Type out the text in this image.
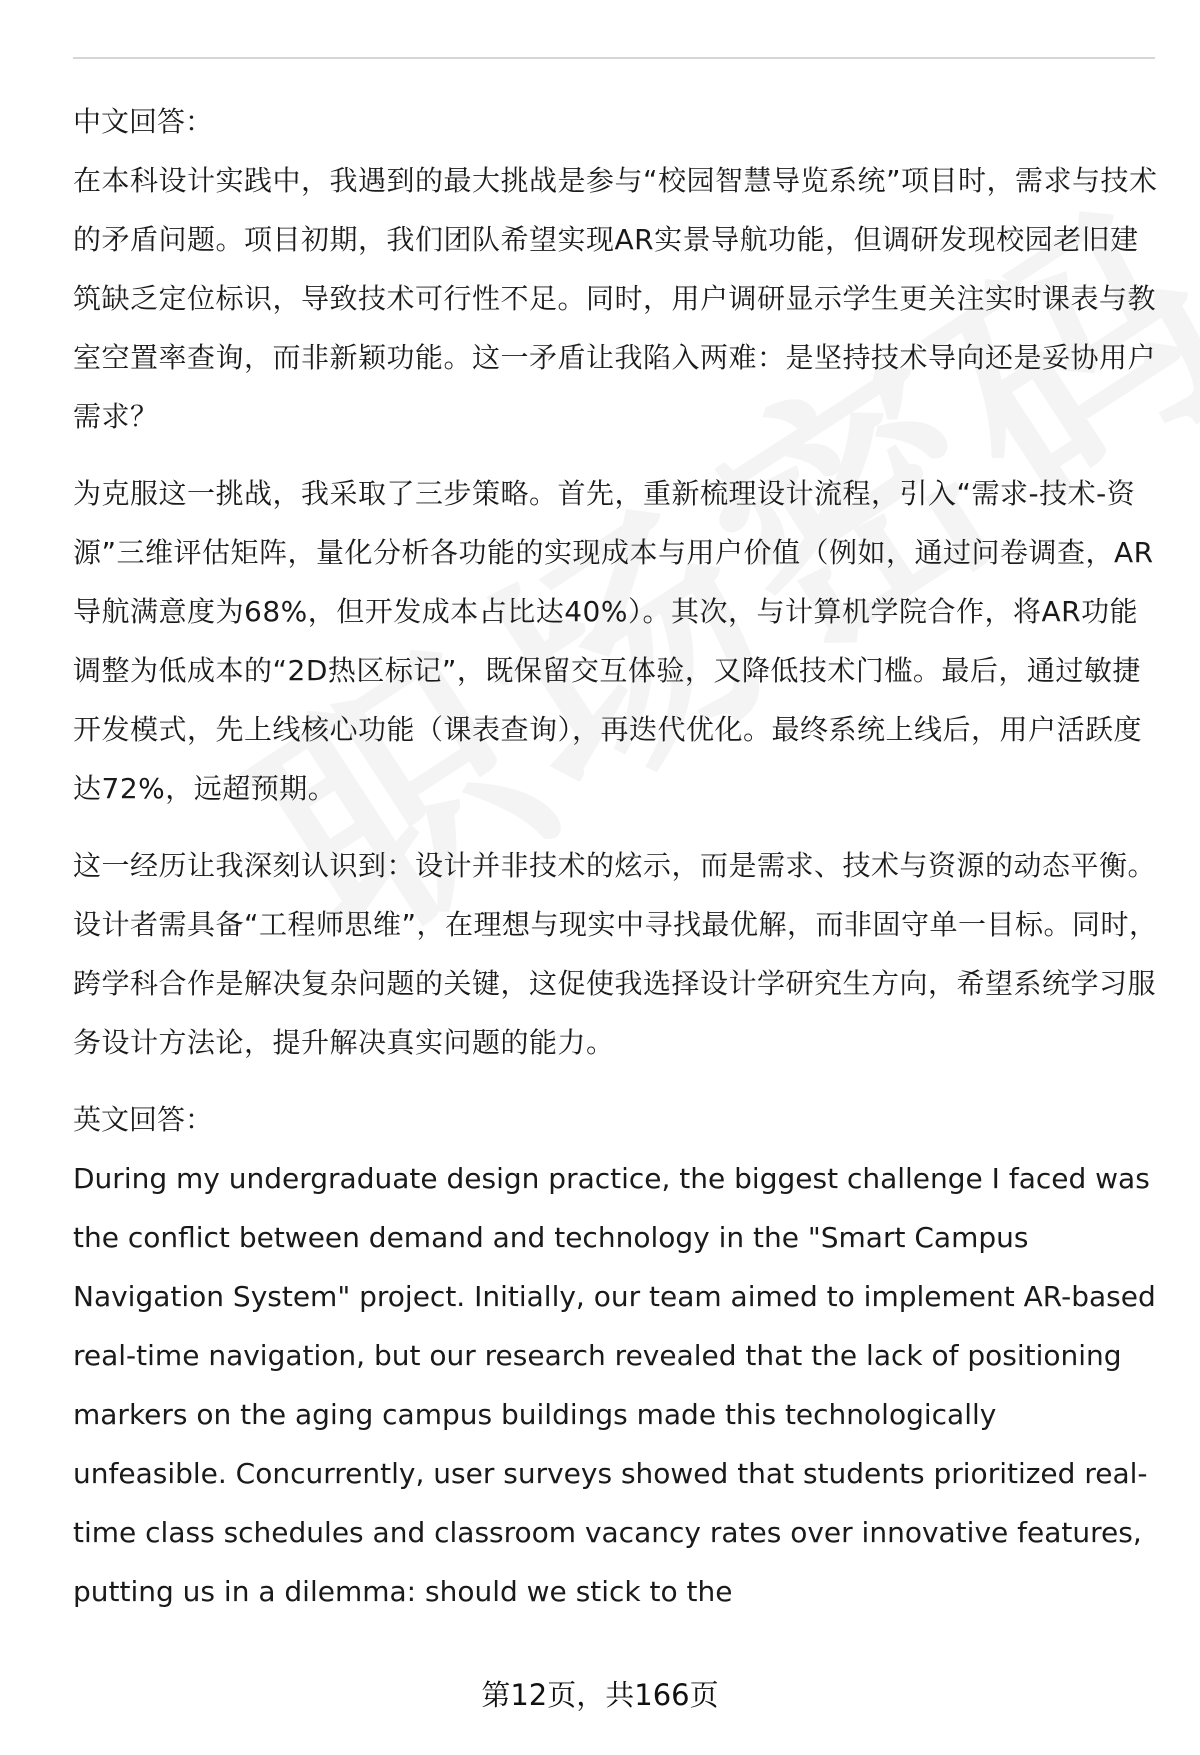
中文回答：

在本科设计实践中，我遇到的最大挑战是参与“校园智慧导览系统”项目时，需求与技术的矛盾问题。项目初期，我们团队希望实现AR实景导航功能，但调研发现校园老旧建筑缺乏定位标识，导致技术可行性不足。同时，用户调研显示学生更关注实时课表与教室空置率查询，而非新颖功能。这一矛盾让我陷入两难：是坚持技术导向还是妥协用户需求？

为克服这一挑战，我采取了三步策略。首先，重新梳理设计流程，引入“需求-技术-资源”三维评估矩阵，量化分析各功能的实现成本与用户价值（例如，通过问卷调查，AR导航满意度为68%，但开发成本占比达40%）。其次，与计算机学院合作，将AR功能调整为低成本的“2D热区标记”，既保留交互体验，又降低技术门槛。最后，通过敏捷开发模式，先上线核心功能（课表查询），再迭代优化。最终系统上线后，用户活跃度达72%，远超预期。

这一经历让我深刻认识到：设计并非技术的炫示，而是需求、技术与资源的动态平衡。设计者需具备“工程师思维”，在理想与现实中寻找最优解，而非固守单一目标。同时，跨学科合作是解决复杂问题的关键，这促使我选择设计学研究生方向，希望系统学习服务设计方法论，提升解决真实问题的能力。

英文回答：

During my undergraduate design practice, the biggest challenge I faced was the conflict between demand and technology in the "Smart Campus Navigation System" project. Initially, our team aimed to implement AR-based real-time navigation, but our research revealed that the lack of positioning markers on the aging campus buildings made this technologically unfeasible. Concurrently, user surveys showed that students prioritized real-time class schedules and classroom vacancy rates over innovative features, putting us in a dilemma: should we stick to the

第12页，共166页
